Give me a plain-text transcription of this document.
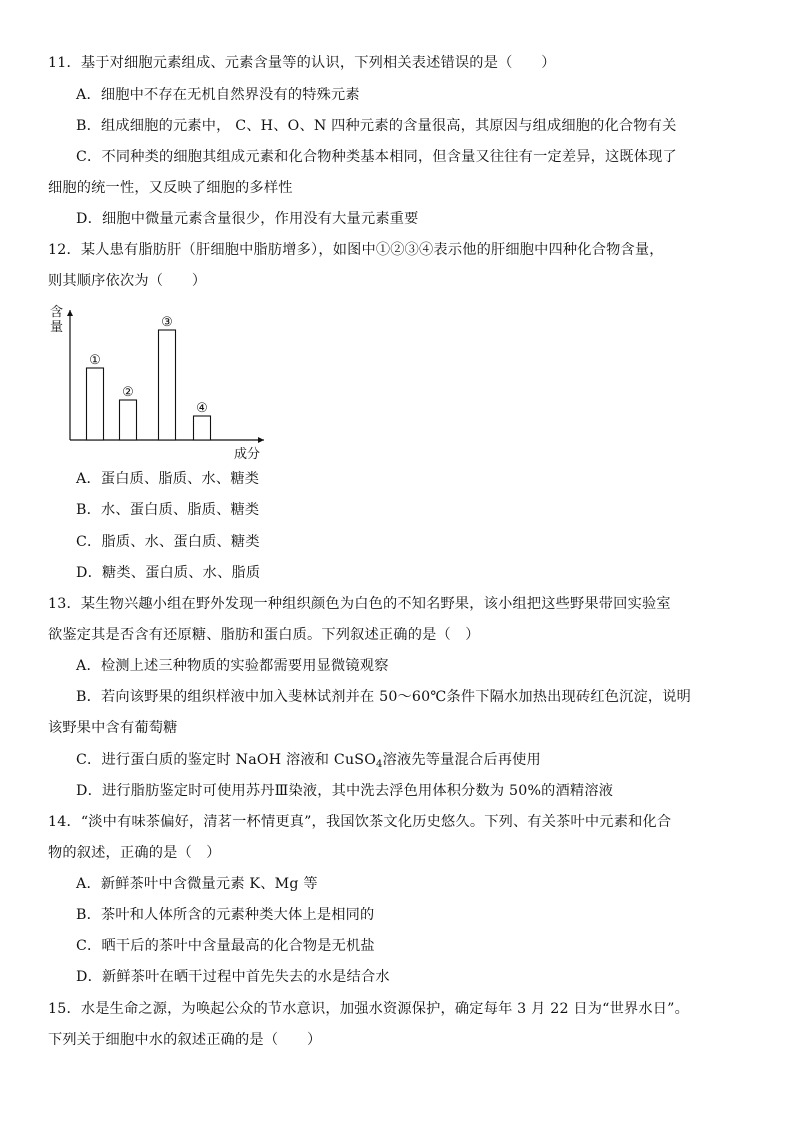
11．基于对细胞元素组成、元素含量等的认识，下列相关表述错误的是（　　）
A．细胞中不存在无机自然界没有的特殊元素
B．组成细胞的元素中， C、H、O、N 四种元素的含量很高，其原因与组成细胞的化合物有关
C．不同种类的细胞其组成元素和化合物种类基本相同，但含量又往往有一定差异，这既体现了
细胞的统一性，又反映了细胞的多样性
D．细胞中微量元素含量很少，作用没有大量元素重要
12．某人患有脂肪肝（肝细胞中脂肪增多），如图中①②③④表示他的肝细胞中四种化合物含量，
则其顺序依次为（　　）
含
量
成分
①
②
③
④
A．蛋白质、脂质、水、糖类
B．水、蛋白质、脂质、糖类
C．脂质、水、蛋白质、糖类
D．糖类、蛋白质、水、脂质
13．某生物兴趣小组在野外发现一种组织颜色为白色的不知名野果，该小组把这些野果带回实验室
欲鉴定其是否含有还原糖、脂肪和蛋白质。下列叙述正确的是（　）
A．检测上述三种物质的实验都需要用显微镜观察
B．若向该野果的组织样液中加入斐林试剂并在 50～60℃条件下隔水加热出现砖红色沉淀，说明
该野果中含有葡萄糖
C．进行蛋白质的鉴定时 NaOH 溶液和 CuSO$_4$溶液先等量混合后再使用
D．进行脂肪鉴定时可使用苏丹Ⅲ染液，其中洗去浮色用体积分数为 50%的酒精溶液
14．“淡中有味茶偏好，清茗一杯情更真”，我国饮茶文化历史悠久。下列、有关茶叶中元素和化合
物的叙述，正确的是（　）
A．新鲜茶叶中含微量元素 K、Mg 等
B．茶叶和人体所含的元素种类大体上是相同的
C．晒干后的茶叶中含量最高的化合物是无机盐
D．新鲜茶叶在晒干过程中首先失去的水是结合水
15．水是生命之源，为唤起公众的节水意识，加强水资源保护，确定每年 3 月 22 日为“世界水日”。
下列关于细胞中水的叙述正确的是（　　）
